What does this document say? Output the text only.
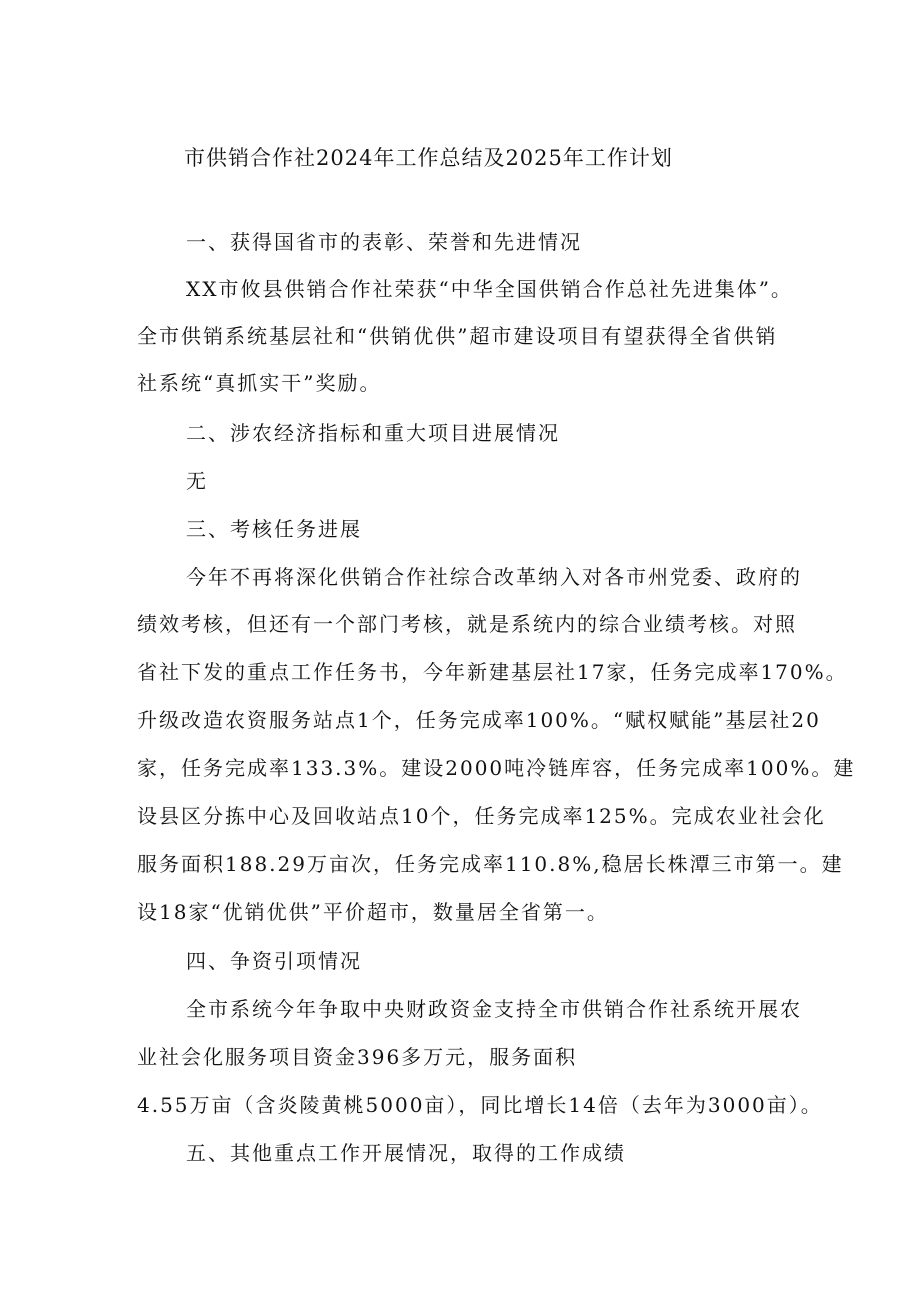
市供销合作社2024年工作总结及2025年工作计划
一、获得国省市的表彰、荣誉和先进情况
XX市攸县供销合作社荣获“中华全国供销合作总社先进集体”。
全市供销系统基层社和“供销优供”超市建设项目有望获得全省供销
社系统“真抓实干”奖励。
二、涉农经济指标和重大项目进展情况
无
三、考核任务进展
今年不再将深化供销合作社综合改革纳入对各市州党委、政府的
绩效考核，但还有一个部门考核，就是系统内的综合业绩考核。对照
省社下发的重点工作任务书，今年新建基层社17家，任务完成率170%。
升级改造农资服务站点1个，任务完成率100%。“赋权赋能”基层社20
家，任务完成率133.3%。建设2000吨冷链库容，任务完成率100%。建
设县区分拣中心及回收站点10个，任务完成率125%。完成农业社会化
服务面积188.29万亩次，任务完成率110.8%,稳居长株潭三市第一。建
设18家“优销优供”平价超市，数量居全省第一。
四、争资引项情况
全市系统今年争取中央财政资金支持全市供销合作社系统开展农
业社会化服务项目资金396多万元，服务面积
4.55万亩（含炎陵黄桃5000亩），同比增长14倍（去年为3000亩）。
五、其他重点工作开展情况，取得的工作成绩
